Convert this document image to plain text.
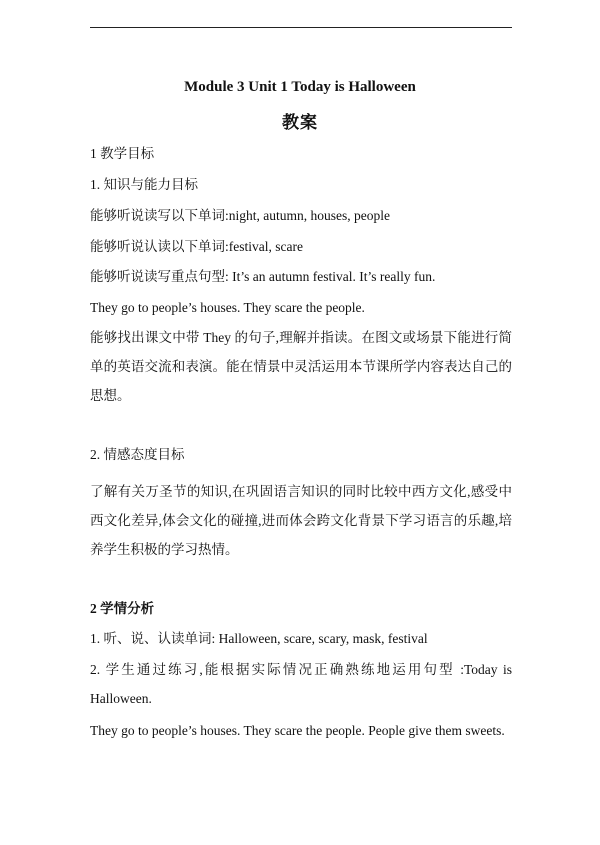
Module 3 Unit 1 Today is Halloween
教案
1 教学目标
1. 知识与能力目标
能够听说读写以下单词:night, autumn, houses, people
能够听说认读以下单词:festival, scare
能够听说读写重点句型: It’s an autumn festival. It’s really fun.
They go to people’s houses. They scare the people.
能够找出课文中带 They 的句子,理解并指读。在图文或场景下能进行简单的英语交流和表演。能在情景中灵活运用本节课所学内容表达自己的思想。
2. 情感态度目标
了解有关万圣节的知识,在巩固语言知识的同时比较中西方文化,感受中西文化差异,体会文化的碰撞,进而体会跨文化背景下学习语言的乐趣,培养学生积极的学习热情。
2 学情分析
1. 听、说、认读单词: Halloween, scare, scary, mask, festival
2. 学生通过练习,能根据实际情况正确熟练地运用句型 :Today is Halloween.
They go to people’s houses. They scare the people. People give them sweets.
